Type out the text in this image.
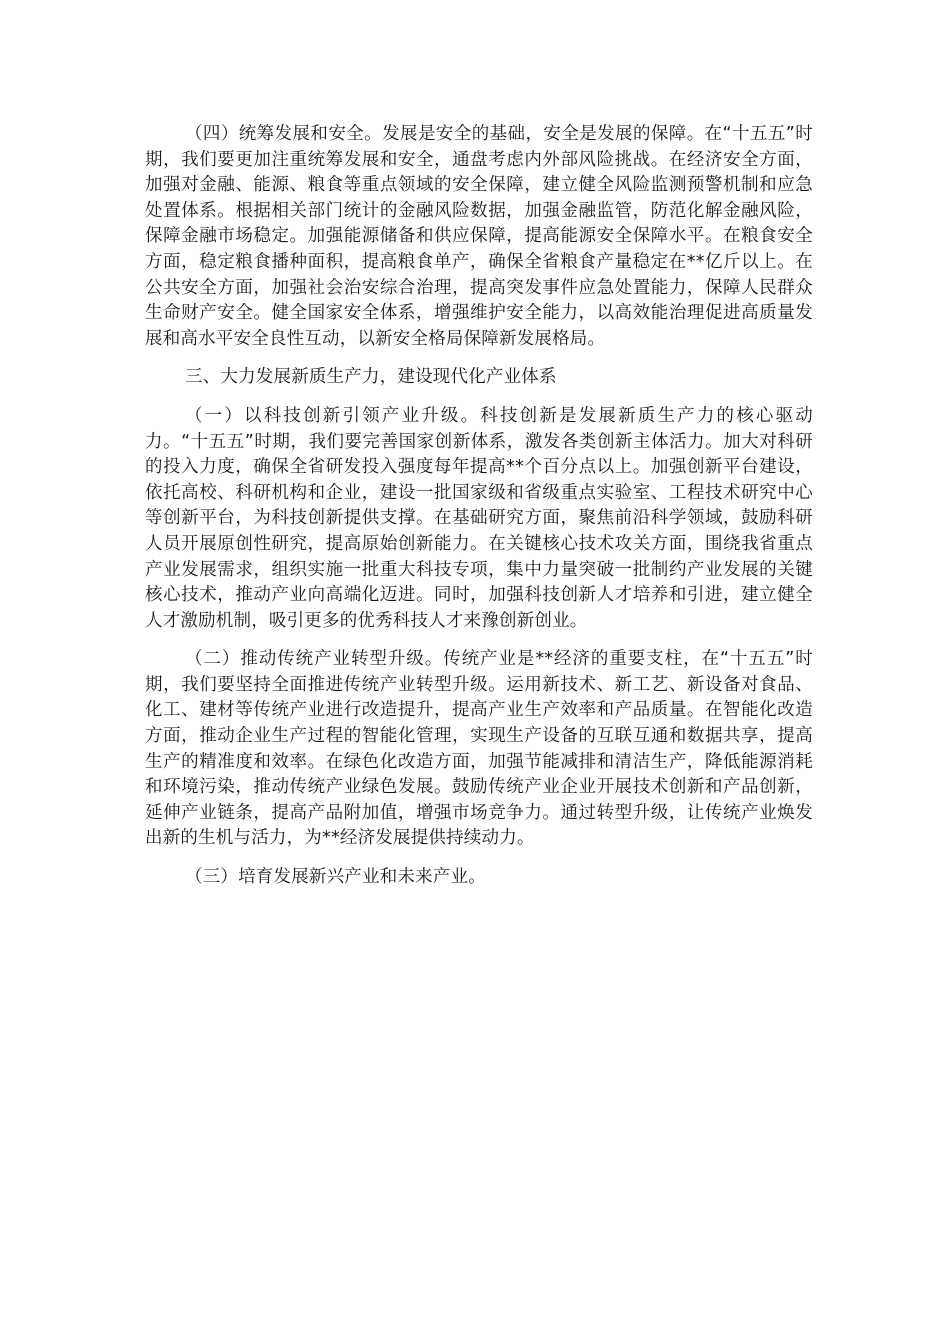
（四）统筹发展和安全。发展是安全的基础，安全是发展的保障。在“十五五”时期，我们要更加注重统筹发展和安全，通盘考虑内外部风险挑战。在经济安全方面，加强对金融、能源、粮食等重点领域的安全保障，建立健全风险监测预警机制和应急处置体系。根据相关部门统计的金融风险数据，加强金融监管，防范化解金融风险，保障金融市场稳定。加强能源储备和供应保障，提高能源安全保障水平。在粮食安全方面，稳定粮食播种面积，提高粮食单产，确保全省粮食产量稳定在**亿斤以上。在公共安全方面，加强社会治安综合治理，提高突发事件应急处置能力，保障人民群众生命财产安全。健全国家安全体系，增强维护安全能力，以高效能治理促进高质量发展和高水平安全良性互动，以新安全格局保障新发展格局。

三、大力发展新质生产力，建设现代化产业体系

（一）以科技创新引领产业升级。科技创新是发展新质生产力的核心驱动力。“十五五”时期，我们要完善国家创新体系，激发各类创新主体活力。加大对科研的投入力度，确保全省研发投入强度每年提高**个百分点以上。加强创新平台建设，依托高校、科研机构和企业，建设一批国家级和省级重点实验室、工程技术研究中心等创新平台，为科技创新提供支撑。在基础研究方面，聚焦前沿科学领域，鼓励科研人员开展原创性研究，提高原始创新能力。在关键核心技术攻关方面，围绕我省重点产业发展需求，组织实施一批重大科技专项，集中力量突破一批制约产业发展的关键核心技术，推动产业向高端化迈进。同时，加强科技创新人才培养和引进，建立健全人才激励机制，吸引更多的优秀科技人才来豫创新创业。

（二）推动传统产业转型升级。传统产业是**经济的重要支柱，在“十五五”时期，我们要坚持全面推进传统产业转型升级。运用新技术、新工艺、新设备对食品、化工、建材等传统产业进行改造提升，提高产业生产效率和产品质量。在智能化改造方面，推动企业生产过程的智能化管理，实现生产设备的互联互通和数据共享，提高生产的精准度和效率。在绿色化改造方面，加强节能减排和清洁生产，降低能源消耗和环境污染，推动传统产业绿色发展。鼓励传统产业企业开展技术创新和产品创新，延伸产业链条，提高产品附加值，增强市场竞争力。通过转型升级，让传统产业焕发出新的生机与活力，为**经济发展提供持续动力。

（三）培育发展新兴产业和未来产业。
